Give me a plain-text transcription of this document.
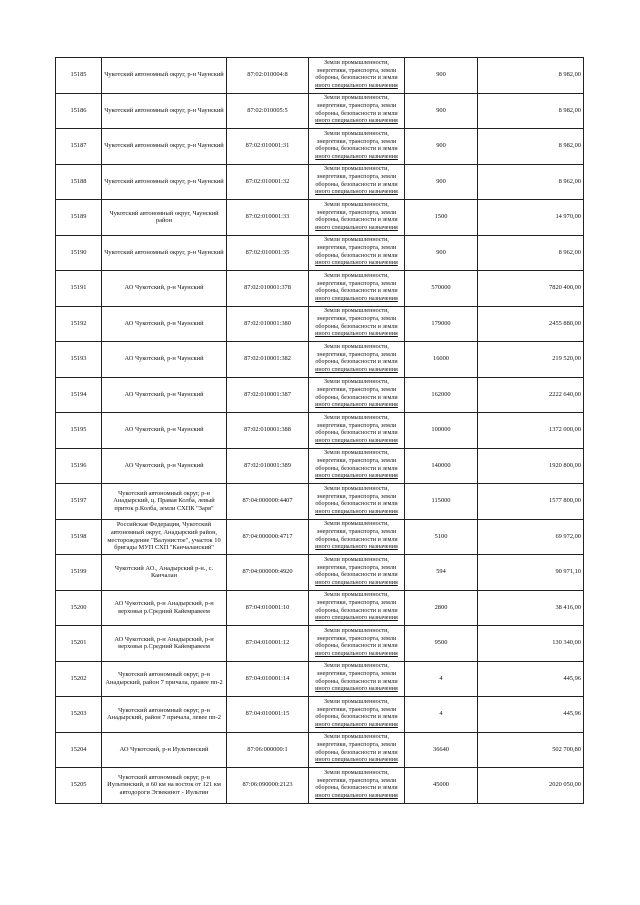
15185	Чукотский автономный округ, р-н Чаунский	87:02:010004:8	Земли промышленности,
энергетики, транспорта, земли
обороны, безопасности и земли
иного специального назначения	900	8 982,00
15186	Чукотский автономный округ, р-н Чаунский	87:02:010005:5	Земли промышленности,
энергетики, транспорта, земли
обороны, безопасности и земли
иного специального назначения	900	8 982,00
15187	Чукотский автономный округ, р-н Чаунский	87:02:010001:31	Земли промышленности,
энергетики, транспорта, земли
обороны, безопасности и земли
иного специального назначения	900	8 982,00
15188	Чукотский автономный округ, р-н Чаунский	87:02:010001:32	Земли промышленности,
энергетики, транспорта, земли
обороны, безопасности и земли
иного специального назначения	900	8 962,00
15189	Чукотский автономный округ, Чаунский район	87:02:010001:33	Земли промышленности,
энергетики, транспорта, земли
обороны, безопасности и земли
иного специального назначения	1500	14 970,00
15190	Чукотский автономный округ, р-н Чаунский	87:02:010001:35	Земли промышленности,
энергетики, транспорта, земли
обороны, безопасности и земли
иного специального назначения	900	8 962,00
15191	АО Чукотский, р-н Чаунский	87:02:010001:378	Земли промышленности,
энергетики, транспорта, земли
обороны, безопасности и земли
иного специального назначения	570000	7820 400,00
15192	АО Чукотский, р-н Чаунский	87:02:010001:380	Земли промышленности,
энергетики, транспорта, земли
обороны, безопасности и земли
иного специального назначения	179000	2455 880,00
15193	АО Чукотский, р-н Чаунский	87:02:010001:382	Земли промышленности,
энергетики, транспорта, земли
обороны, безопасности и земли
иного специального назначения	16000	219 520,00
15194	АО Чукотский, р-н Чаунский	87:02:010001:387	Земли промышленности,
энергетики, транспорта, земли
обороны, безопасности и земли
иного специального назначения	162000	2222 640,00
15195	АО Чукотский, р-н Чаунский	87:02:010001:388	Земли промышленности,
энергетики, транспорта, земли
обороны, безопасности и земли
иного специального назначения	100000	1372 000,00
15196	АО Чукотский, р-н Чаунский	87:02:010001:389	Земли промышленности,
энергетики, транспорта, земли
обороны, безопасности и земли
иного специального назначения	140000	1920 800,00
15197	Чукотский автономный округ, р-н Анадырский, ц. Правая Колба, левый приток р.Колба, земли СХПК "Заря"	87:04:000000:4407	Земли промышленности,
энергетики, транспорта, земли
обороны, безопасности и земли
иного специального назначения	115000	1577 800,00
15198	Российская Федерация, Чукотский автономный округ, Анадырский район, месторождение "Валунистое", участок 10 бригады МУП СХП "Канчаланский"	87:04:000000:4717	Земли промышленности,
энергетики, транспорта, земли
обороны, безопасности и земли
иного специального назначения	5100	69 972,00
15199	Чукотский АО., Анадырский р-н., с. Канчалан	87:04:000000:4920	Земли промышленности,
энергетики, транспорта, земли
обороны, безопасности и земли
иного специального назначения	594	90 971,10
15200	АО Чукотский, р-н Анадырский, р-н верховья р.Средний Кайемравеем	87:04:010001:10	Земли промышленности,
энергетики, транспорта, земли
обороны, безопасности и земли
иного специального назначения	2800	38 416,00
15201	АО Чукотский, р-н Анадырский, р-н верховья р.Средний Кайемравеем	87:04:010001:12	Земли промышленности,
энергетики, транспорта, земли
обороны, безопасности и земли
иного специального назначения	9500	130 340,00
15202	Чукотский автономный округ, р-н Анадырский, район 7 причала, правее пп-2	87:04:010001:14	Земли промышленности,
энергетики, транспорта, земли
обороны, безопасности и земли
иного специального назначения	4	445,96
15203	Чукотский автономный округ, р-н Анадырский, район 7 причала, левее пп-2	87:04:010001:15	Земли промышленности,
энергетики, транспорта, земли
обороны, безопасности и земли
иного специального назначения	4	445,96
15204	АО Чукотский, р-н Иультинский	87:06:000000:1	Земли промышленности,
энергетики, транспорта, земли
обороны, безопасности и земли
иного специального назначения	36640	502 700,80
15205	Чукотский автономный округ, р-н Иультинский, в 60 км на восток от 121 км автодороги Эгвекинот - Иультин	87:06:090000:2123	Земли промышленности,
энергетики, транспорта, земли
обороны, безопасности и земли
иного специального назначения	45000	2020 050,00
